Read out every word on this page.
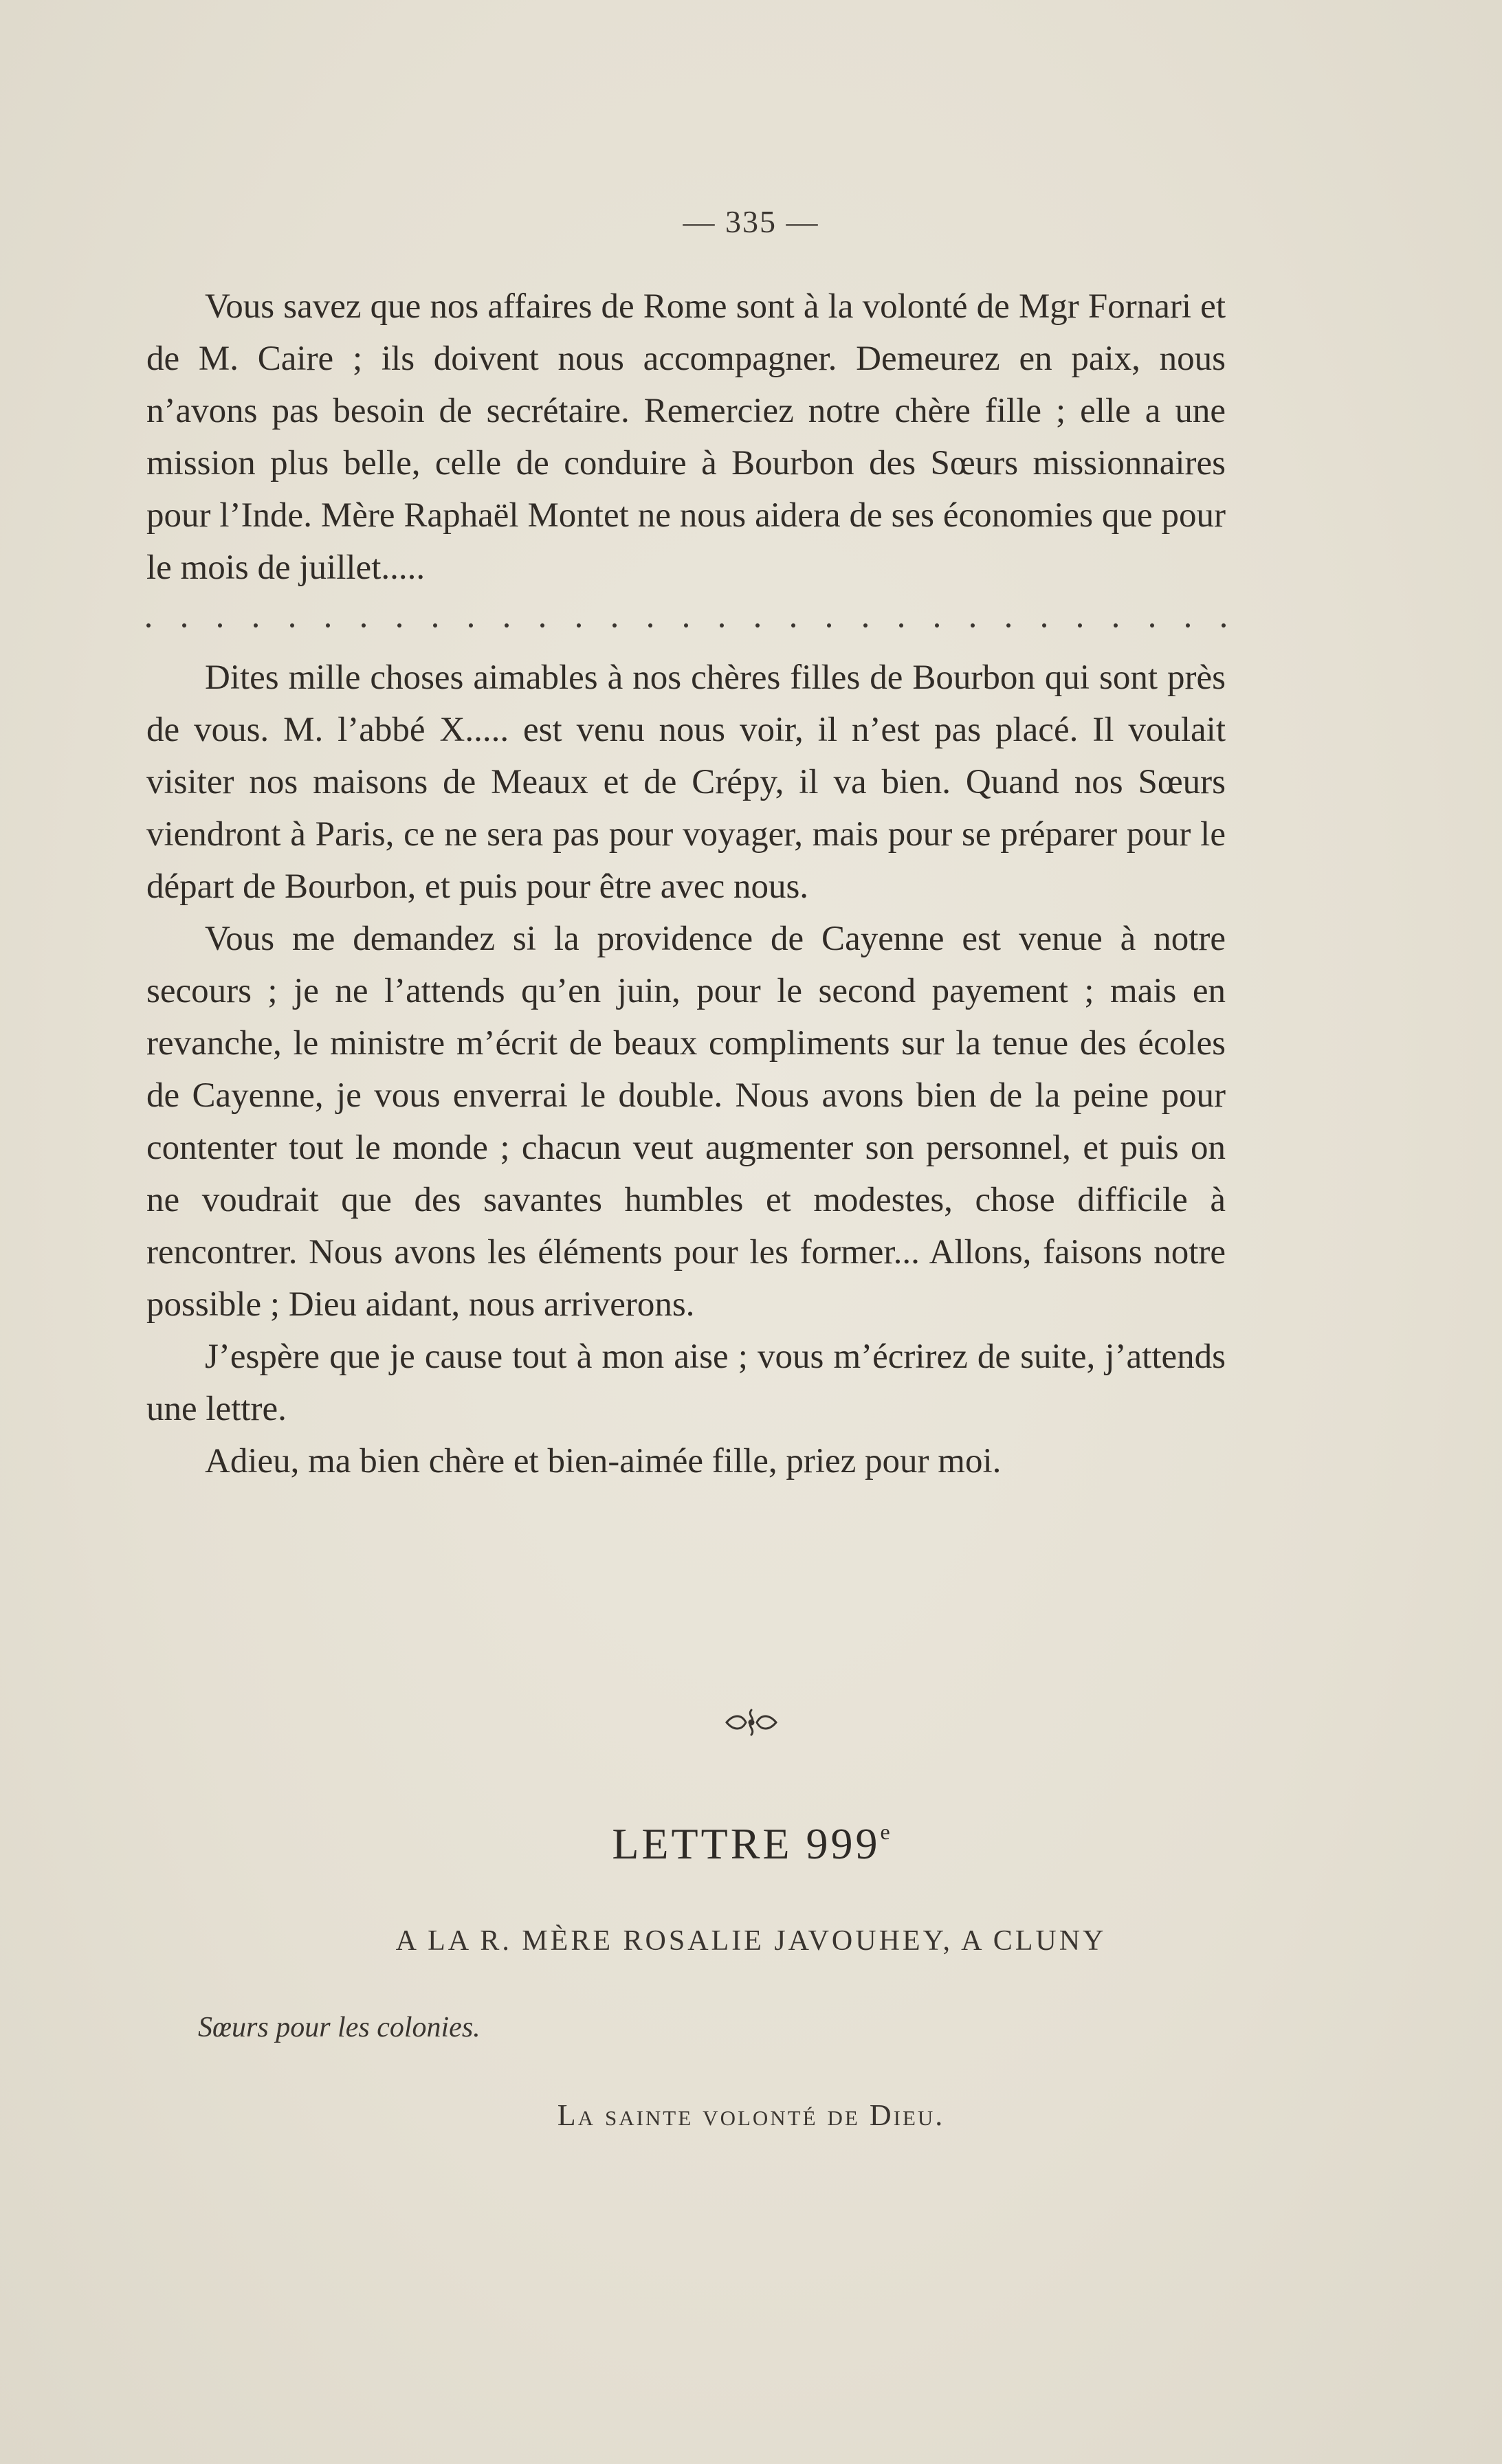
— 335 —

Vous savez que nos affaires de Rome sont à la volonté de Mgr Fornari et de M. Caire ; ils doivent nous accompagner. Demeurez en paix, nous n’avons pas besoin de secrétaire. Remerciez notre chère fille ; elle a une mission plus belle, celle de conduire à Bourbon des Sœurs missionnaires pour l’Inde. Mère Raphaël Montet ne nous aidera de ses économies que pour le mois de juillet.....

Dites mille choses aimables à nos chères filles de Bourbon qui sont près de vous. M. l’abbé X..... est venu nous voir, il n’est pas placé. Il voulait visiter nos maisons de Meaux et de Crépy, il va bien. Quand nos Sœurs viendront à Paris, ce ne sera pas pour voyager, mais pour se préparer pour le départ de Bourbon, et puis pour être avec nous.

Vous me demandez si la providence de Cayenne est venue à notre secours ; je ne l’attends qu’en juin, pour le second payement ; mais en revanche, le ministre m’écrit de beaux compliments sur la tenue des écoles de Cayenne, je vous enverrai le double. Nous avons bien de la peine pour contenter tout le monde ; chacun veut augmenter son personnel, et puis on ne voudrait que des savantes humbles et modestes, chose difficile à rencontrer. Nous avons les éléments pour les former... Allons, faisons notre possible ; Dieu aidant, nous arriverons.

J’espère que je cause tout à mon aise ; vous m’écrirez de suite, j’attends une lettre.

Adieu, ma bien chère et bien-aimée fille, priez pour moi.

LETTRE 999e
A LA R. MÈRE ROSALIE JAVOUHEY, A CLUNY
Sœurs pour les colonies.
La sainte volonté de Dieu.
